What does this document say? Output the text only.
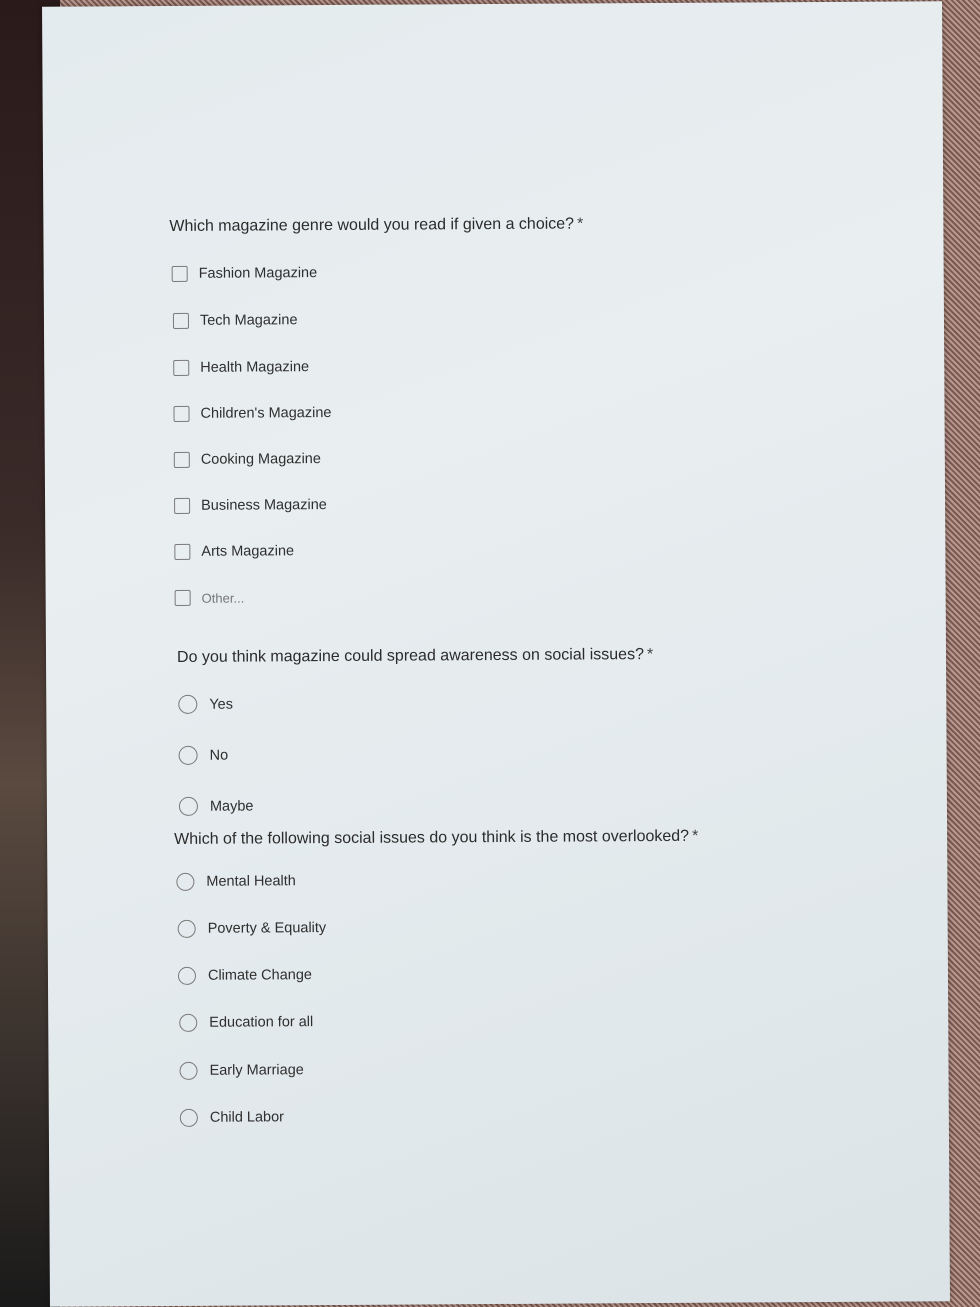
Which magazine genre would you read if given a choice? *
Fashion Magazine
Tech Magazine
Health Magazine
Children's Magazine
Cooking Magazine
Business Magazine
Arts Magazine
Other...
Do you think magazine could spread awareness on social issues? *
Yes
No
Maybe
Which of the following social issues do you think is the most overlooked? *
Mental Health
Poverty & Equality
Climate Change
Education for all
Early Marriage
Child Labor
